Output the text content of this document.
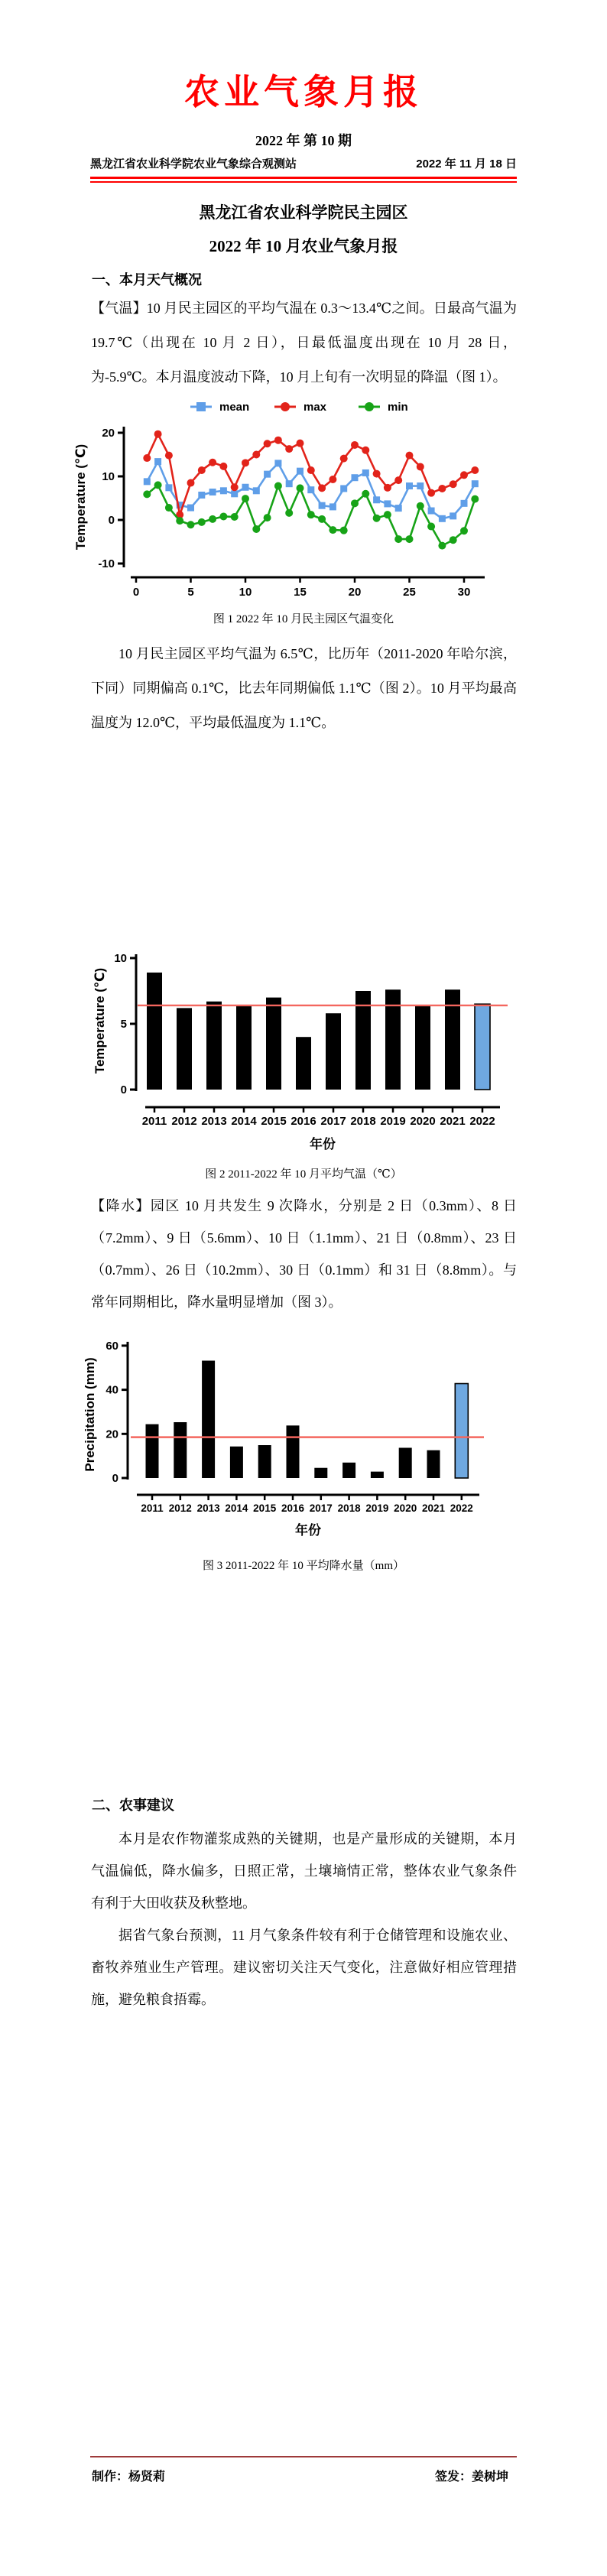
农业气象月报
2022 年 第 10 期
黑龙江省农业科学院农业气象综合观测站	2022 年 11 月 18 日
黑龙江省农业科学院民主园区
2022 年 10 月农业气象月报
一、本月天气概况

【气温】10 月民主园区的平均气温在 0.3～13.4℃之间。日最高气温为 19.7℃（出现在 10 月 2 日），日最低温度出现在 10 月 28 日，为-5.9℃。本月温度波动下降，10 月上旬有一次明显的降温（图 1）。

mean	max	min
-10
0
10
20
Temperature (℃)
0	5	10	15	20	25	30
图 1 2022 年 10 月民主园区气温变化

10 月民主园区平均气温为 6.5℃，比历年（2011-2020 年哈尔滨，下同）同期偏高 0.1℃，比去年同期偏低 1.1℃（图 2）。10 月平均最高温度为 12.0℃，平均最低温度为 1.1℃。

0
5
10
Temperature (℃)
2011 2012 2013 2014 2015 2016 2017 2018 2019 2020 2021 2022
年份
图 2 2011-2022 年 10 月平均气温（℃）

【降水】园区 10 月共发生 9 次降水，分别是 2 日（0.3mm）、8 日（7.2mm）、9 日（5.6mm）、10 日（1.1mm）、21 日（0.8mm）、23 日（0.7mm）、26 日（10.2mm）、30 日（0.1mm）和 31 日（8.8mm）。与常年同期相比，降水量明显增加（图 3）。

0
20
40
60
Precipitation (mm)
2011 2012 2013 2014 2015 2016 2017 2018 2019 2020 2021 2022
年份
图 3 2011-2022 年 10 平均降水量（mm）
二、农事建议

本月是农作物灌浆成熟的关键期，也是产量形成的关键期，本月气温偏低，降水偏多，日照正常，土壤墒情正常，整体农业气象条件有利于大田收获及秋整地。

据省气象台预测，11 月气象条件较有利于仓储管理和设施农业、畜牧养殖业生产管理。建议密切关注天气变化，注意做好相应管理措施，避免粮食捂霉。

制作：杨贤莉	签发：姜树坤
